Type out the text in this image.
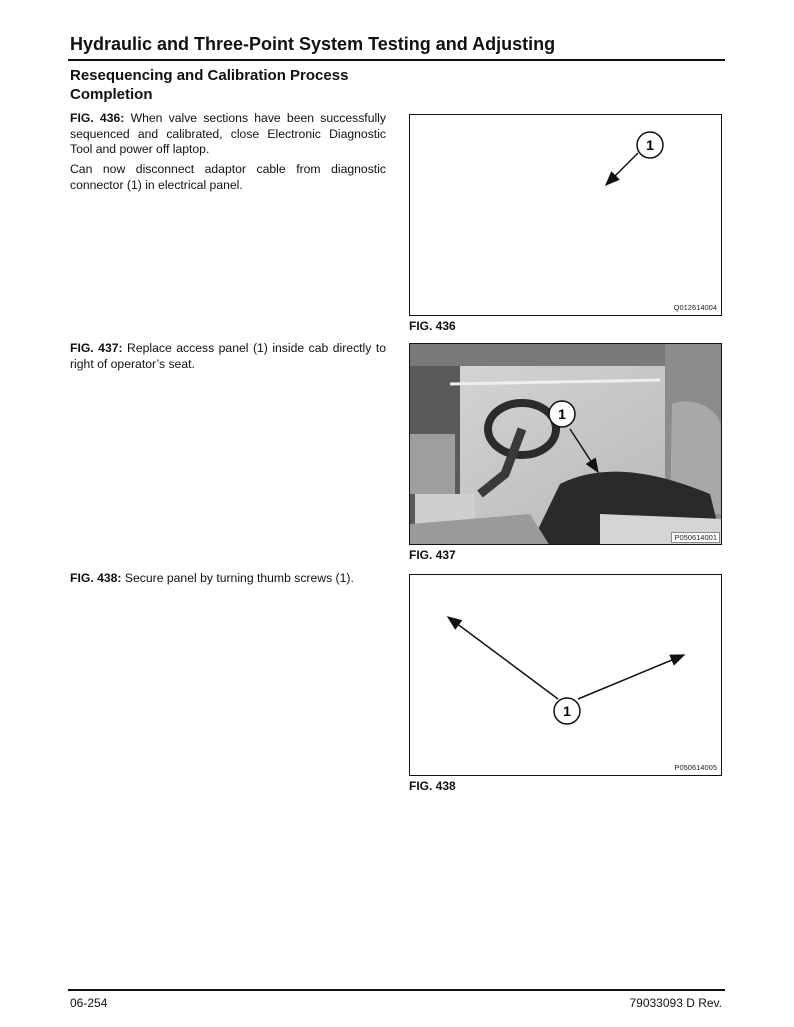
Hydraulic and Three-Point System Testing and Adjusting
Resequencing and Calibration Process Completion
FIG. 436: When valve sections have been successfully sequenced and calibrated, close Electronic Diagnostic Tool and power off laptop.
Can now disconnect adaptor cable from diagnostic connector (1) in electrical panel.
FIG. 437: Replace access panel (1) inside cab directly to right of operator’s seat.
FIG. 438: Secure panel by turning thumb screws (1).
1
Q012614004
FIG. 436
1
P050614001
FIG. 437
1
P050614005
FIG. 438
06-254	79033093 D Rev.
